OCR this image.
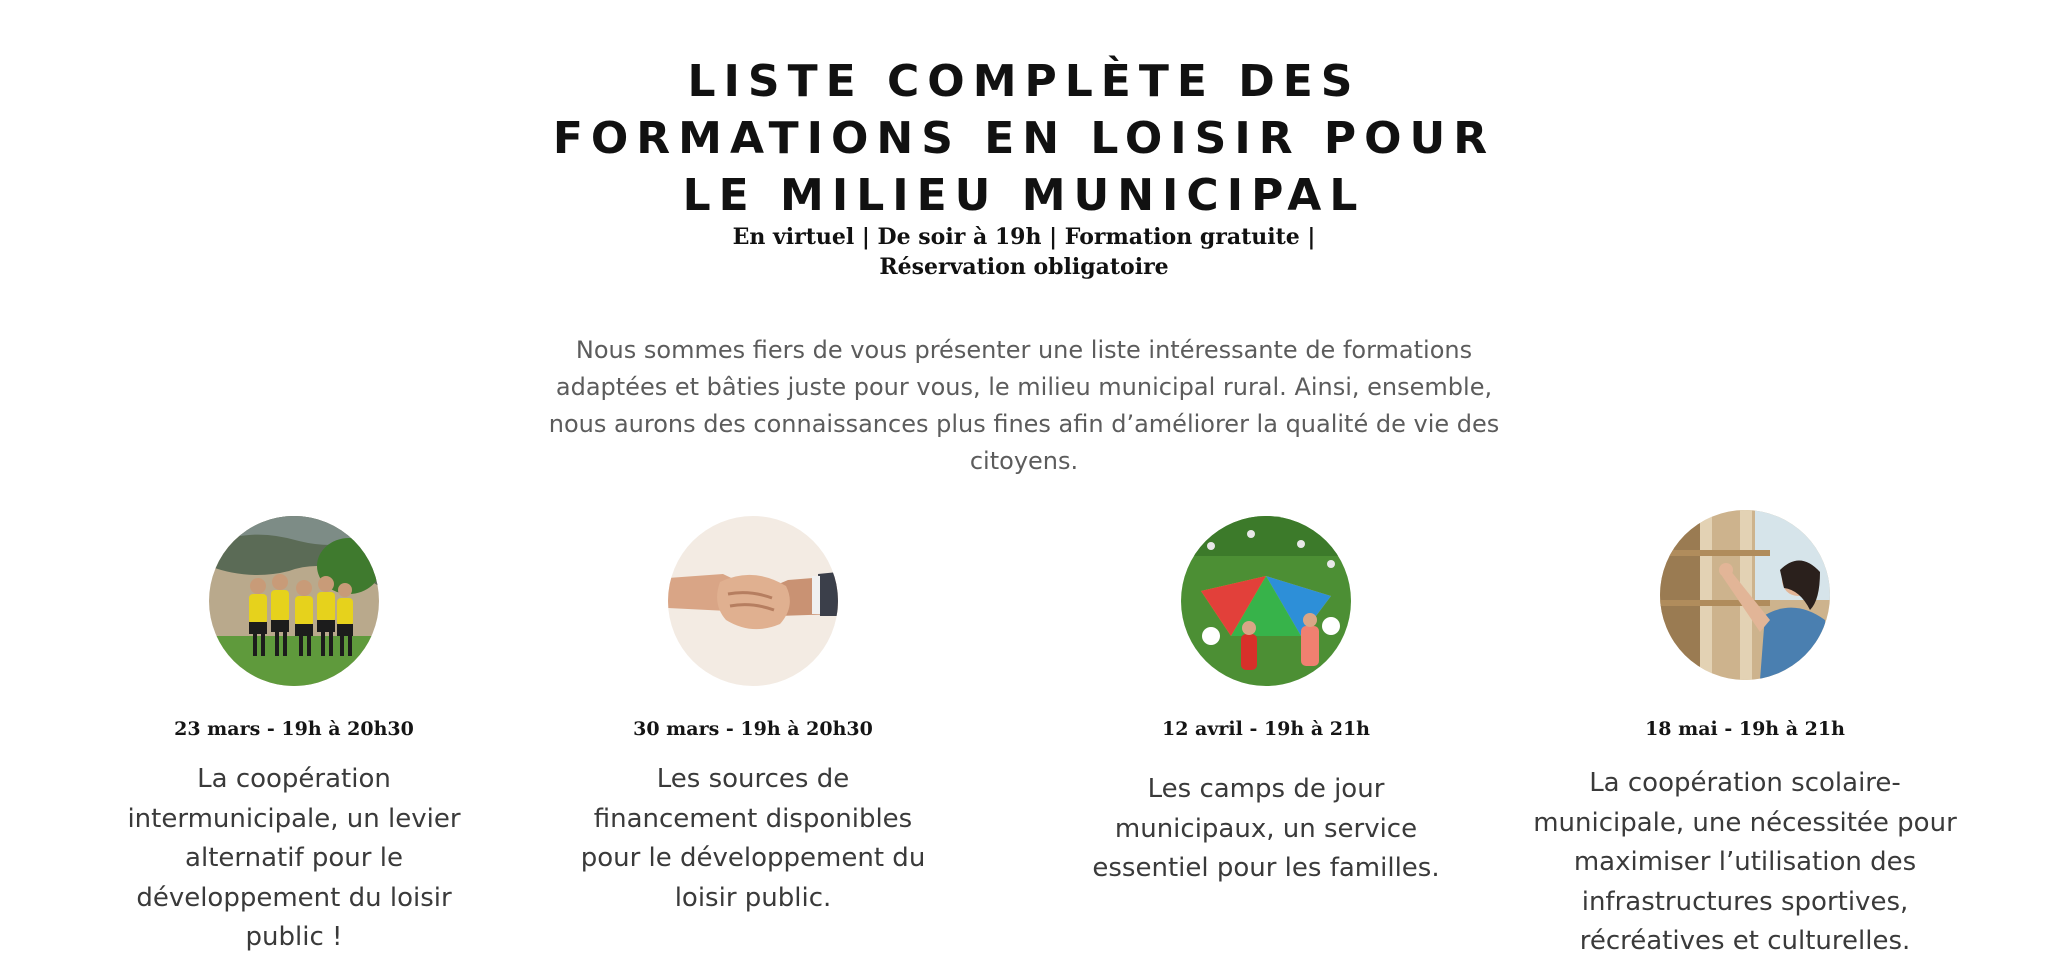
LISTE COMPLÈTE DES
FORMATIONS EN LOISIR POUR
LE MILIEU MUNICIPAL
En virtuel | De soir à 19h | Formation gratuite |
Réservation obligatoire
Nous sommes fiers de vous présenter une liste intéressante de formations
adaptées et bâties juste pour vous, le milieu municipal rural. Ainsi, ensemble,
nous aurons des connaissances plus fines afin d’améliorer la qualité de vie des
citoyens.
23 mars - 19h à 20h30
La coopération
intermunicipale, un levier
alternatif pour le
développement du loisir
public !
30 mars - 19h à 20h30
Les sources de
financement disponibles
pour le développement du
loisir public.
12 avril - 19h à 21h
Les camps de jour
municipaux, un service
essentiel pour les familles.
18 mai - 19h à 21h
La coopération scolaire-
municipale, une nécessitée pour
maximiser l’utilisation des
infrastructures sportives,
récréatives et culturelles.
